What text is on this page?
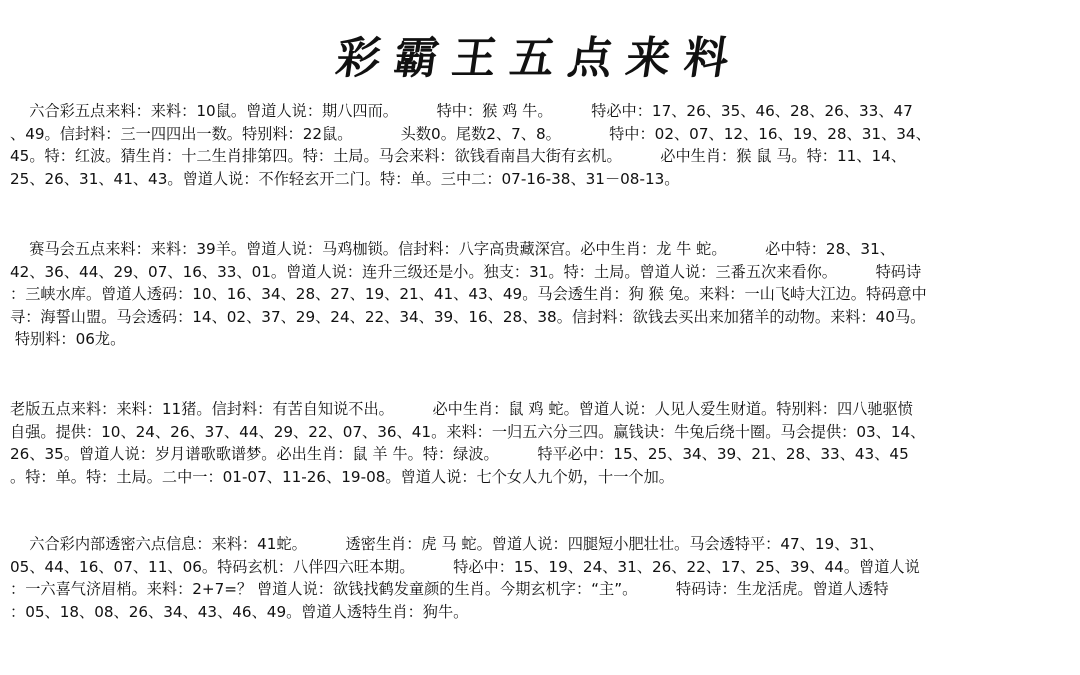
彩霸王五点来料
六合彩五点来料：来料：10鼠。曾道人说：期八四而。        特中：猴 鸡 牛。        特必中：17、26、35、46、28、26、33、47
、49。信封料：三一四四出一数。特别料：22鼠。          头数0。尾数2、7、8。          特中：02、07、12、16、19、28、31、34、
45。特：红波。猜生肖：十二生肖排第四。特：土局。马会来料：欲钱看南昌大街有玄机。        必中生肖：猴 鼠 马。特：11、14、
25、26、31、41、43。曾道人说：不作轻玄开二门。特：单。三中二：07-16-38、31－08-13。
赛马会五点来料：来料：39羊。曾道人说：马鸡枷锁。信封料：八字高贵藏深宫。必中生肖：龙 牛 蛇。        必中特：28、31、
42、36、44、29、07、16、33、01。曾道人说：连升三级还是小。独支：31。特：土局。曾道人说：三番五次来看你。        特码诗
：三峡水库。曾道人透码：10、16、34、28、27、19、21、41、43、49。马会透生肖：狗 猴 兔。来料：一山飞峙大江边。特码意中
寻：海誓山盟。马会透码：14、02、37、29、24、22、34、39、16、28、38。信封料：欲钱去买出来加猪羊的动物。来料：40马。
特别料：06龙。
老版五点来料：来料：11猪。信封料：有苦自知说不出。        必中生肖：鼠 鸡 蛇。曾道人说：人见人爱生财道。特别料：四八驰驱愤
自强。提供：10、24、26、37、44、29、22、07、36、41。来料：一归五六分三四。赢钱诀：牛兔后绕十圈。马会提供：03、14、
26、35。曾道人说：岁月谱歌歌谱梦。必出生肖：鼠 羊 牛。特：绿波。        特平必中：15、25、34、39、21、28、33、43、45
。特：单。特：土局。二中一：01-07、11-26、19-08。曾道人说：七个女人九个奶，十一个加。
六合彩内部透密六点信息：来料：41蛇。        透密生肖：虎 马 蛇。曾道人说：四腿短小肥壮壮。马会透特平：47、19、31、
05、44、16、07、11、06。特码玄机：八伴四六旺本期。        特必中：15、19、24、31、26、22、17、25、39、44。曾道人说
：一六喜气济眉梢。来料：2+7=？ 曾道人说：欲钱找鹤发童颜的生肖。今期玄机字：“主”。        特码诗：生龙活虎。曾道人透特
：05、18、08、26、34、43、46、49。曾道人透特生肖：狗牛。
